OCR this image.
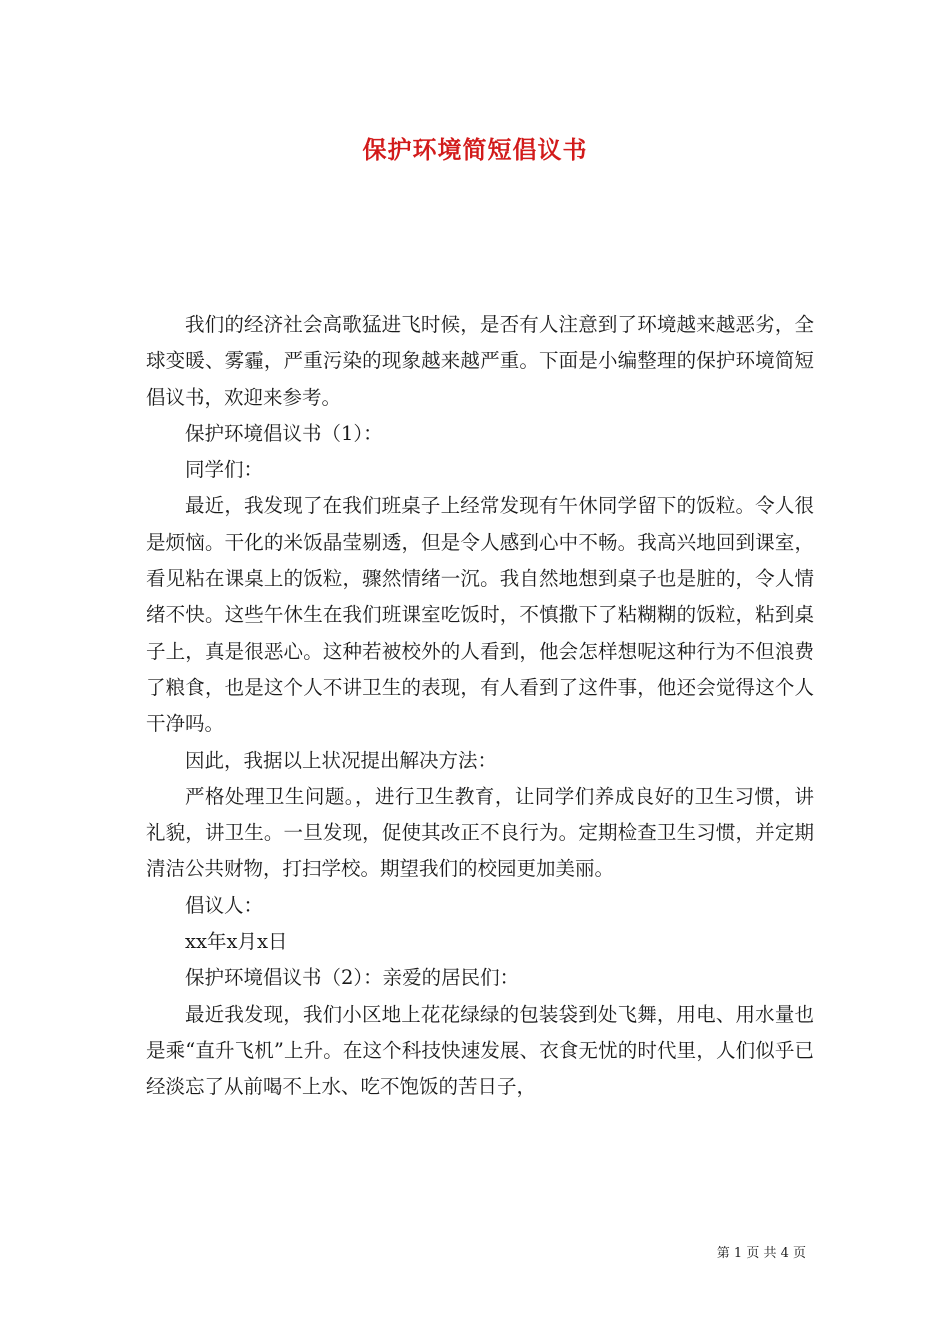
保护环境简短倡议书

我们的经济社会高歌猛进飞时候，是否有人注意到了环境越来越恶劣，全球变暖、雾霾，严重污染的现象越来越严重。下面是小编整理的保护环境简短倡议书，欢迎来参考。

保护环境倡议书（1）：

同学们：

最近，我发现了在我们班桌子上经常发现有午休同学留下的饭粒。令人很是烦恼。干化的米饭晶莹剔透，但是令人感到心中不畅。我高兴地回到课室，看见粘在课桌上的饭粒，骤然情绪一沉。我自然地想到桌子也是脏的，令人情绪不快。这些午休生在我们班课室吃饭时，不慎撒下了粘糊糊的饭粒，粘到桌子上，真是很恶心。这种若被校外的人看到，他会怎样想呢这种行为不但浪费了粮食，也是这个人不讲卫生的表现，有人看到了这件事，他还会觉得这个人干净吗。

因此，我据以上状况提出解决方法：

严格处理卫生问题。，进行卫生教育，让同学们养成良好的卫生习惯，讲礼貌，讲卫生。一旦发现，促使其改正不良行为。定期检查卫生习惯，并定期清洁公共财物，打扫学校。期望我们的校园更加美丽。

倡议人：

xx年x月x日

保护环境倡议书（2）：亲爱的居民们：

最近我发现，我们小区地上花花绿绿的包装袋到处飞舞，用电、用水量也是乘“直升飞机”上升。在这个科技快速发展、衣食无忧的时代里，人们似乎已经淡忘了从前喝不上水、吃不饱饭的苦日子，

第 1 页 共 4 页
